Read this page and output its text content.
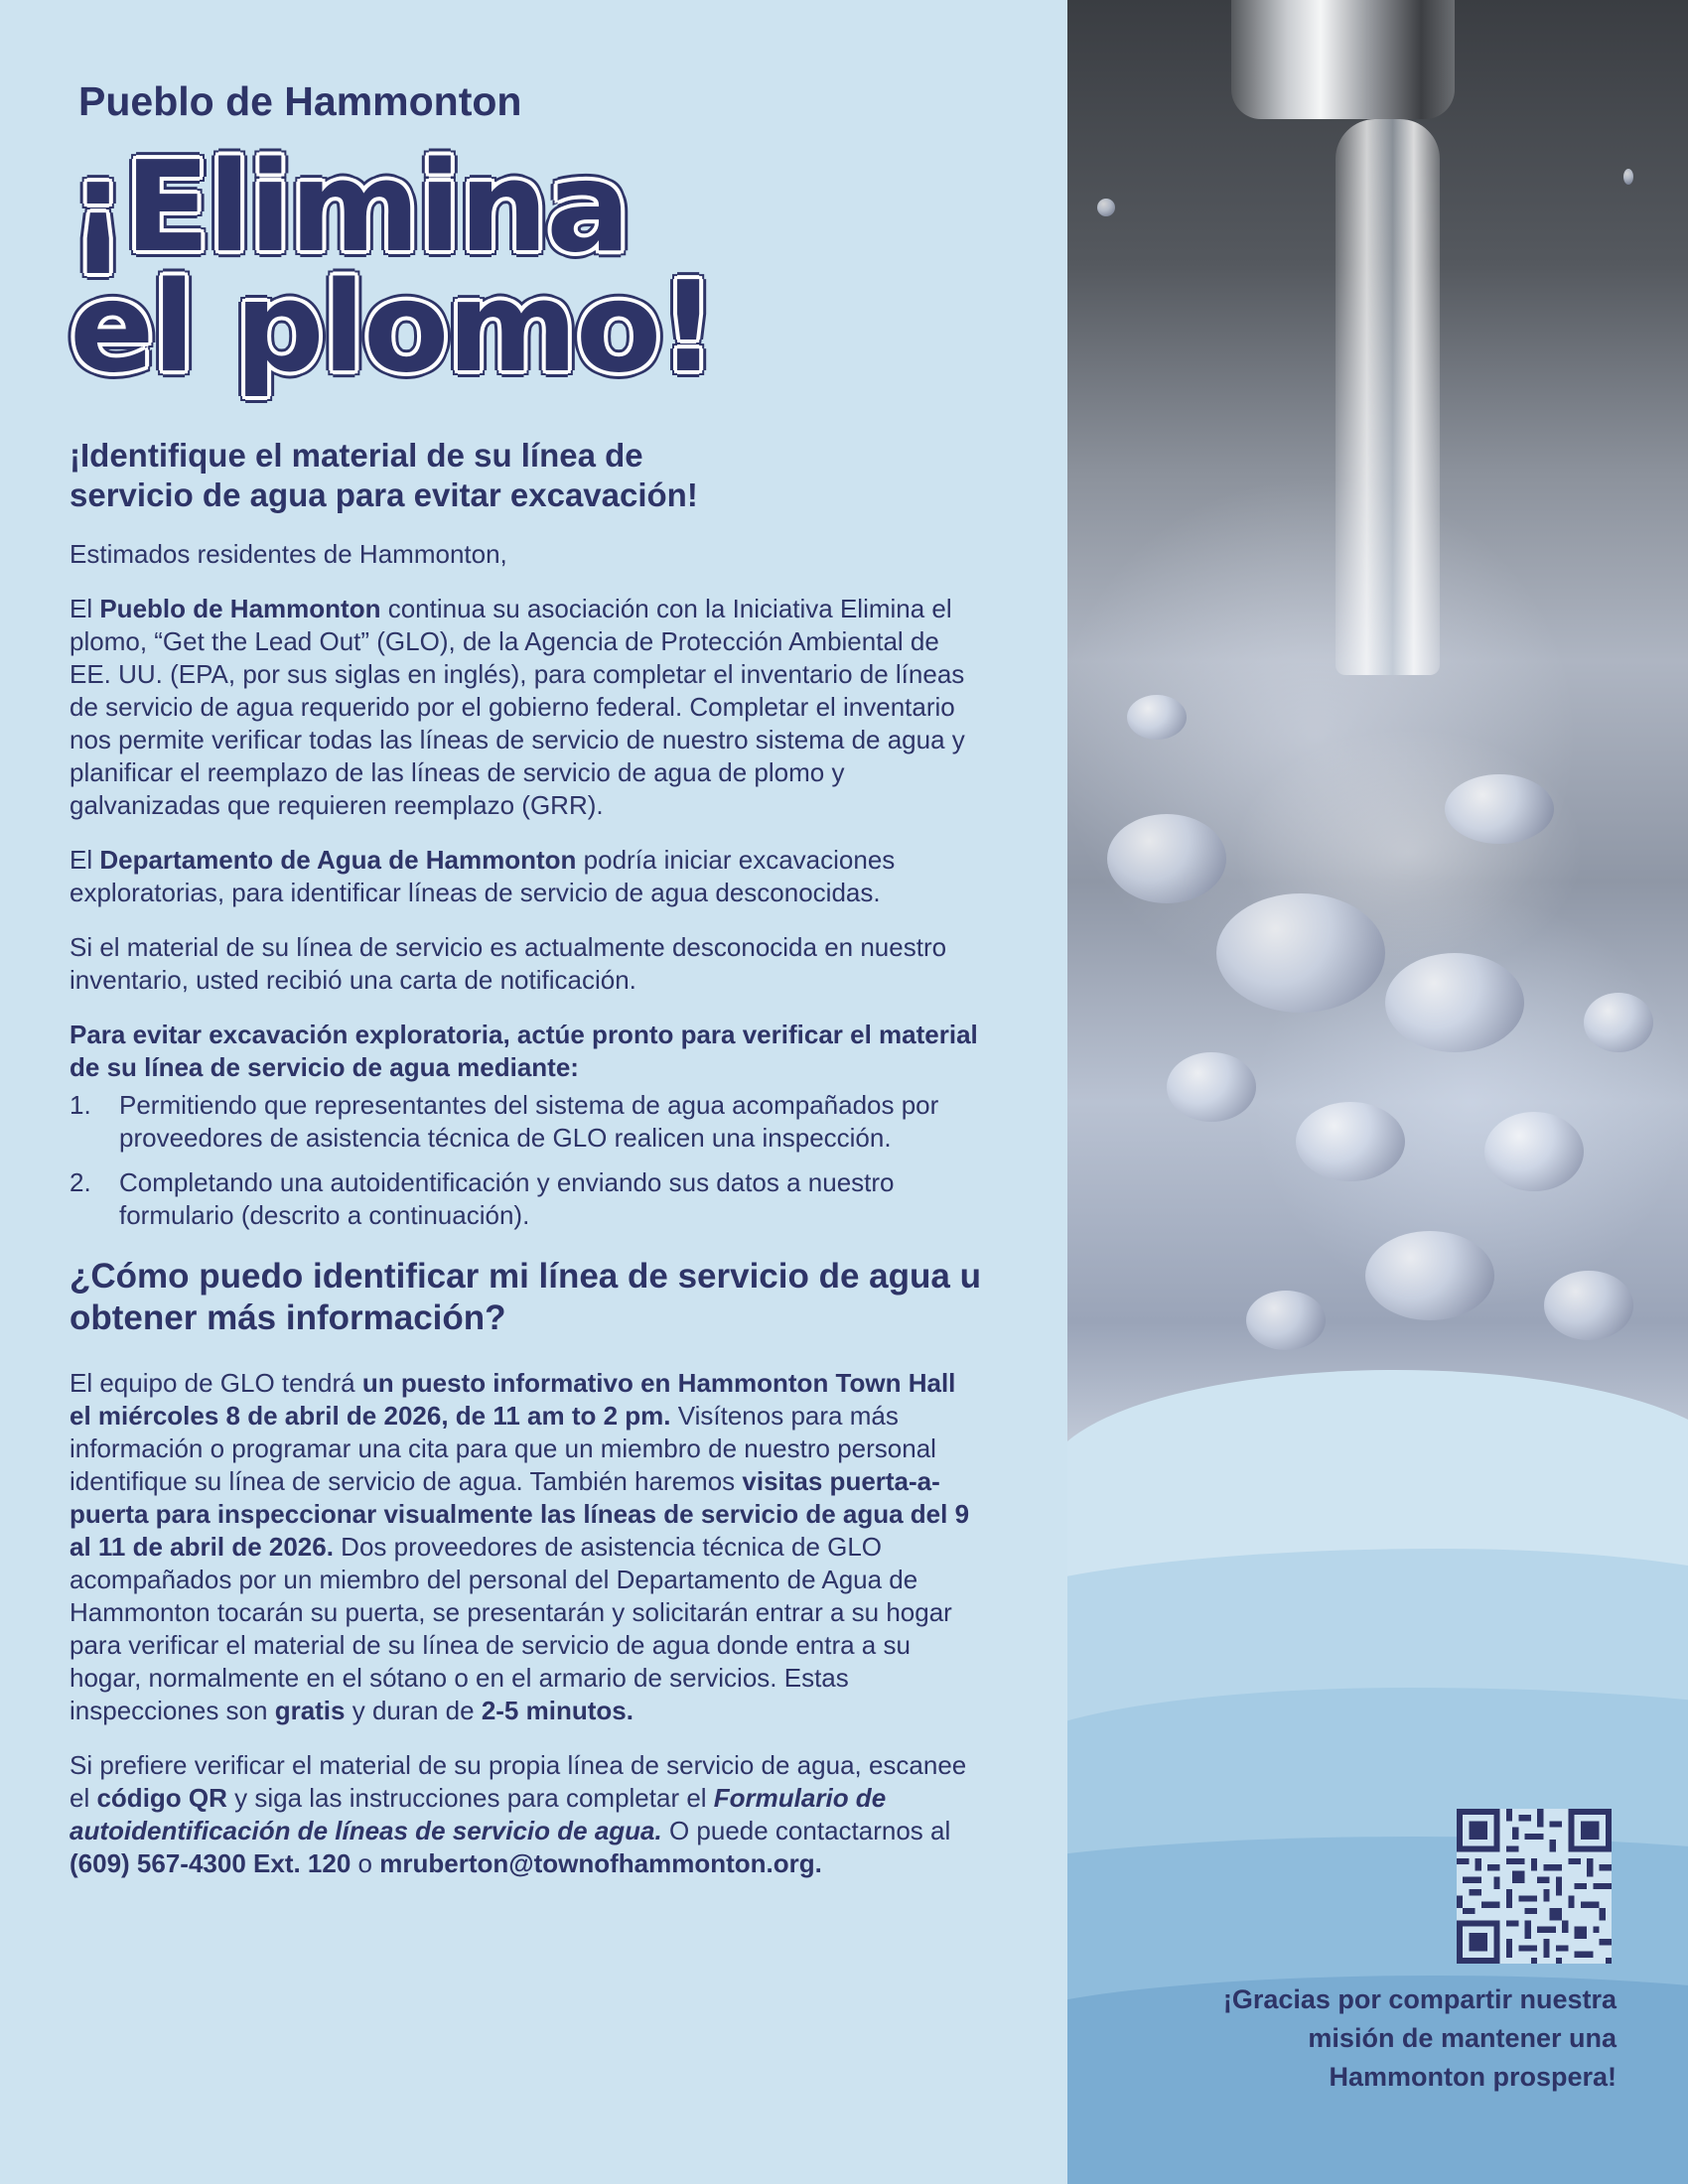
Pueblo de Hammonton
¡Elimina
el plomo!
¡Identifique el material de su línea de
servicio de agua para evitar excavación!

Estimados residentes de Hammonton,

El Pueblo de Hammonton continua su asociación con la Iniciativa Elimina el plomo, “Get the Lead Out” (GLO), de la Agencia de Protección Ambiental de EE. UU. (EPA, por sus siglas en inglés), para completar el inventario de líneas de servicio de agua requerido por el gobierno federal. Completar el inventario nos permite verificar todas las líneas de servicio de nuestro sistema de agua y planificar el reemplazo de las líneas de servicio de agua de plomo y galvanizadas que requieren reemplazo (GRR).

El Departamento de Agua de Hammonton podría iniciar excavaciones exploratorias, para identificar líneas de servicio de agua desconocidas.

Si el material de su línea de servicio es actualmente desconocida en nuestro inventario, usted recibió una carta de notificación.

Para evitar excavación exploratoria, actúe pronto para verificar el material de su línea de servicio de agua mediante:

1. Permitiendo que representantes del sistema de agua acompañados por proveedores de asistencia técnica de GLO realicen una inspección.
2. Completando una autoidentificación y enviando sus datos a nuestro formulario (descrito a continuación).
¿Cómo puedo identificar mi línea de servicio de agua u obtener más información?

El equipo de GLO tendrá un puesto informativo en Hammonton Town Hall el miércoles 8 de abril de 2026, de 11 am to 2 pm. Visítenos para más información o programar una cita para que un miembro de nuestro personal identifique su línea de servicio de agua. También haremos visitas puerta-a-puerta para inspeccionar visualmente las líneas de servicio de agua del 9 al 11 de abril de 2026. Dos proveedores de asistencia técnica de GLO acompañados por un miembro del personal del Departamento de Agua de Hammonton tocarán su puerta, se presentarán y solicitarán entrar a su hogar para verificar el material de su línea de servicio de agua donde entra a su hogar, normalmente en el sótano o en el armario de servicios. Estas inspecciones son gratis y duran de 2-5 minutos.

Si prefiere verificar el material de su propia línea de servicio de agua, escanee el código QR y siga las instrucciones para completar el Formulario de autoidentificación de líneas de servicio de agua. O puede contactarnos al (609) 567-4300 Ext. 120 o mruberton@townofhammonton.org.

¡Gracias por compartir nuestra
misión de mantener una
Hammonton prospera!
